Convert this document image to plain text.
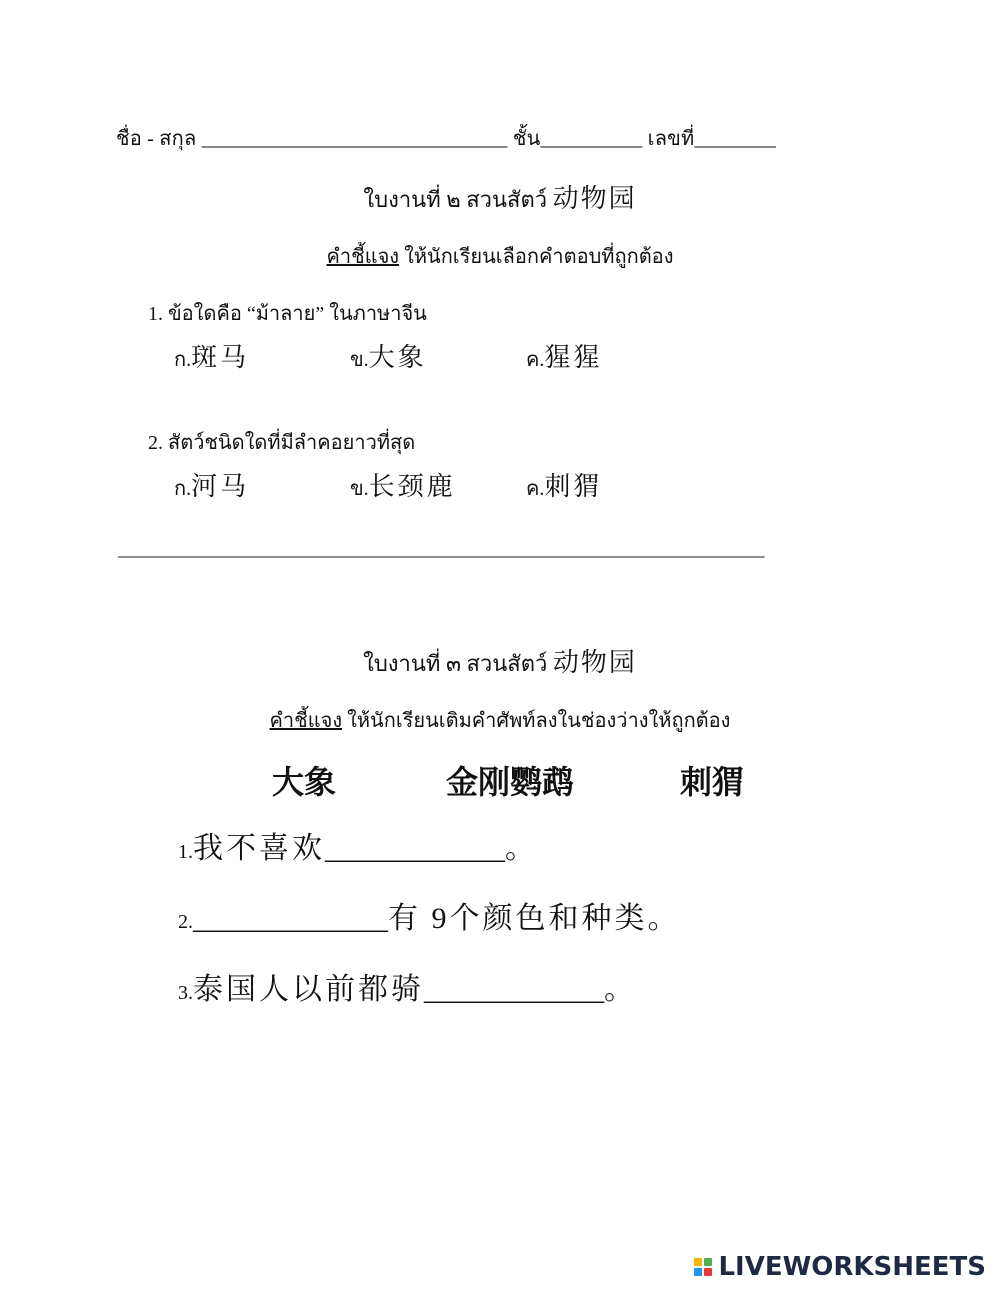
ชื่อ - สกุล ______________________________ ชั้น__________ เลขที่________
ใบงานที่ ๒ สวนสัตว์ 动物园
คำชี้แจง ให้นักเรียนเลือกคำตอบที่ถูกต้อง
1. ข้อใดคือ “ม้าลาย” ในภาษาจีน
ก.斑马	ข.大象	ค.猩猩
2. สัตว์ชนิดใดที่มีลำคอยาวที่สุด
ก.河马	ข.长颈鹿	ค.刺猬
____________________________________________________________________
ใบงานที่ ๓ สวนสัตว์ 动物园
คำชี้แจง ให้นักเรียนเติมคำศัพท์ลงในช่องว่างให้ถูกต้อง
大象	金刚鹦鹉	刺猬
1.我不喜欢____________。
2._____________有 9个颜色和种类。
3.泰国人以前都骑____________。
LIVEWORKSHEETS
